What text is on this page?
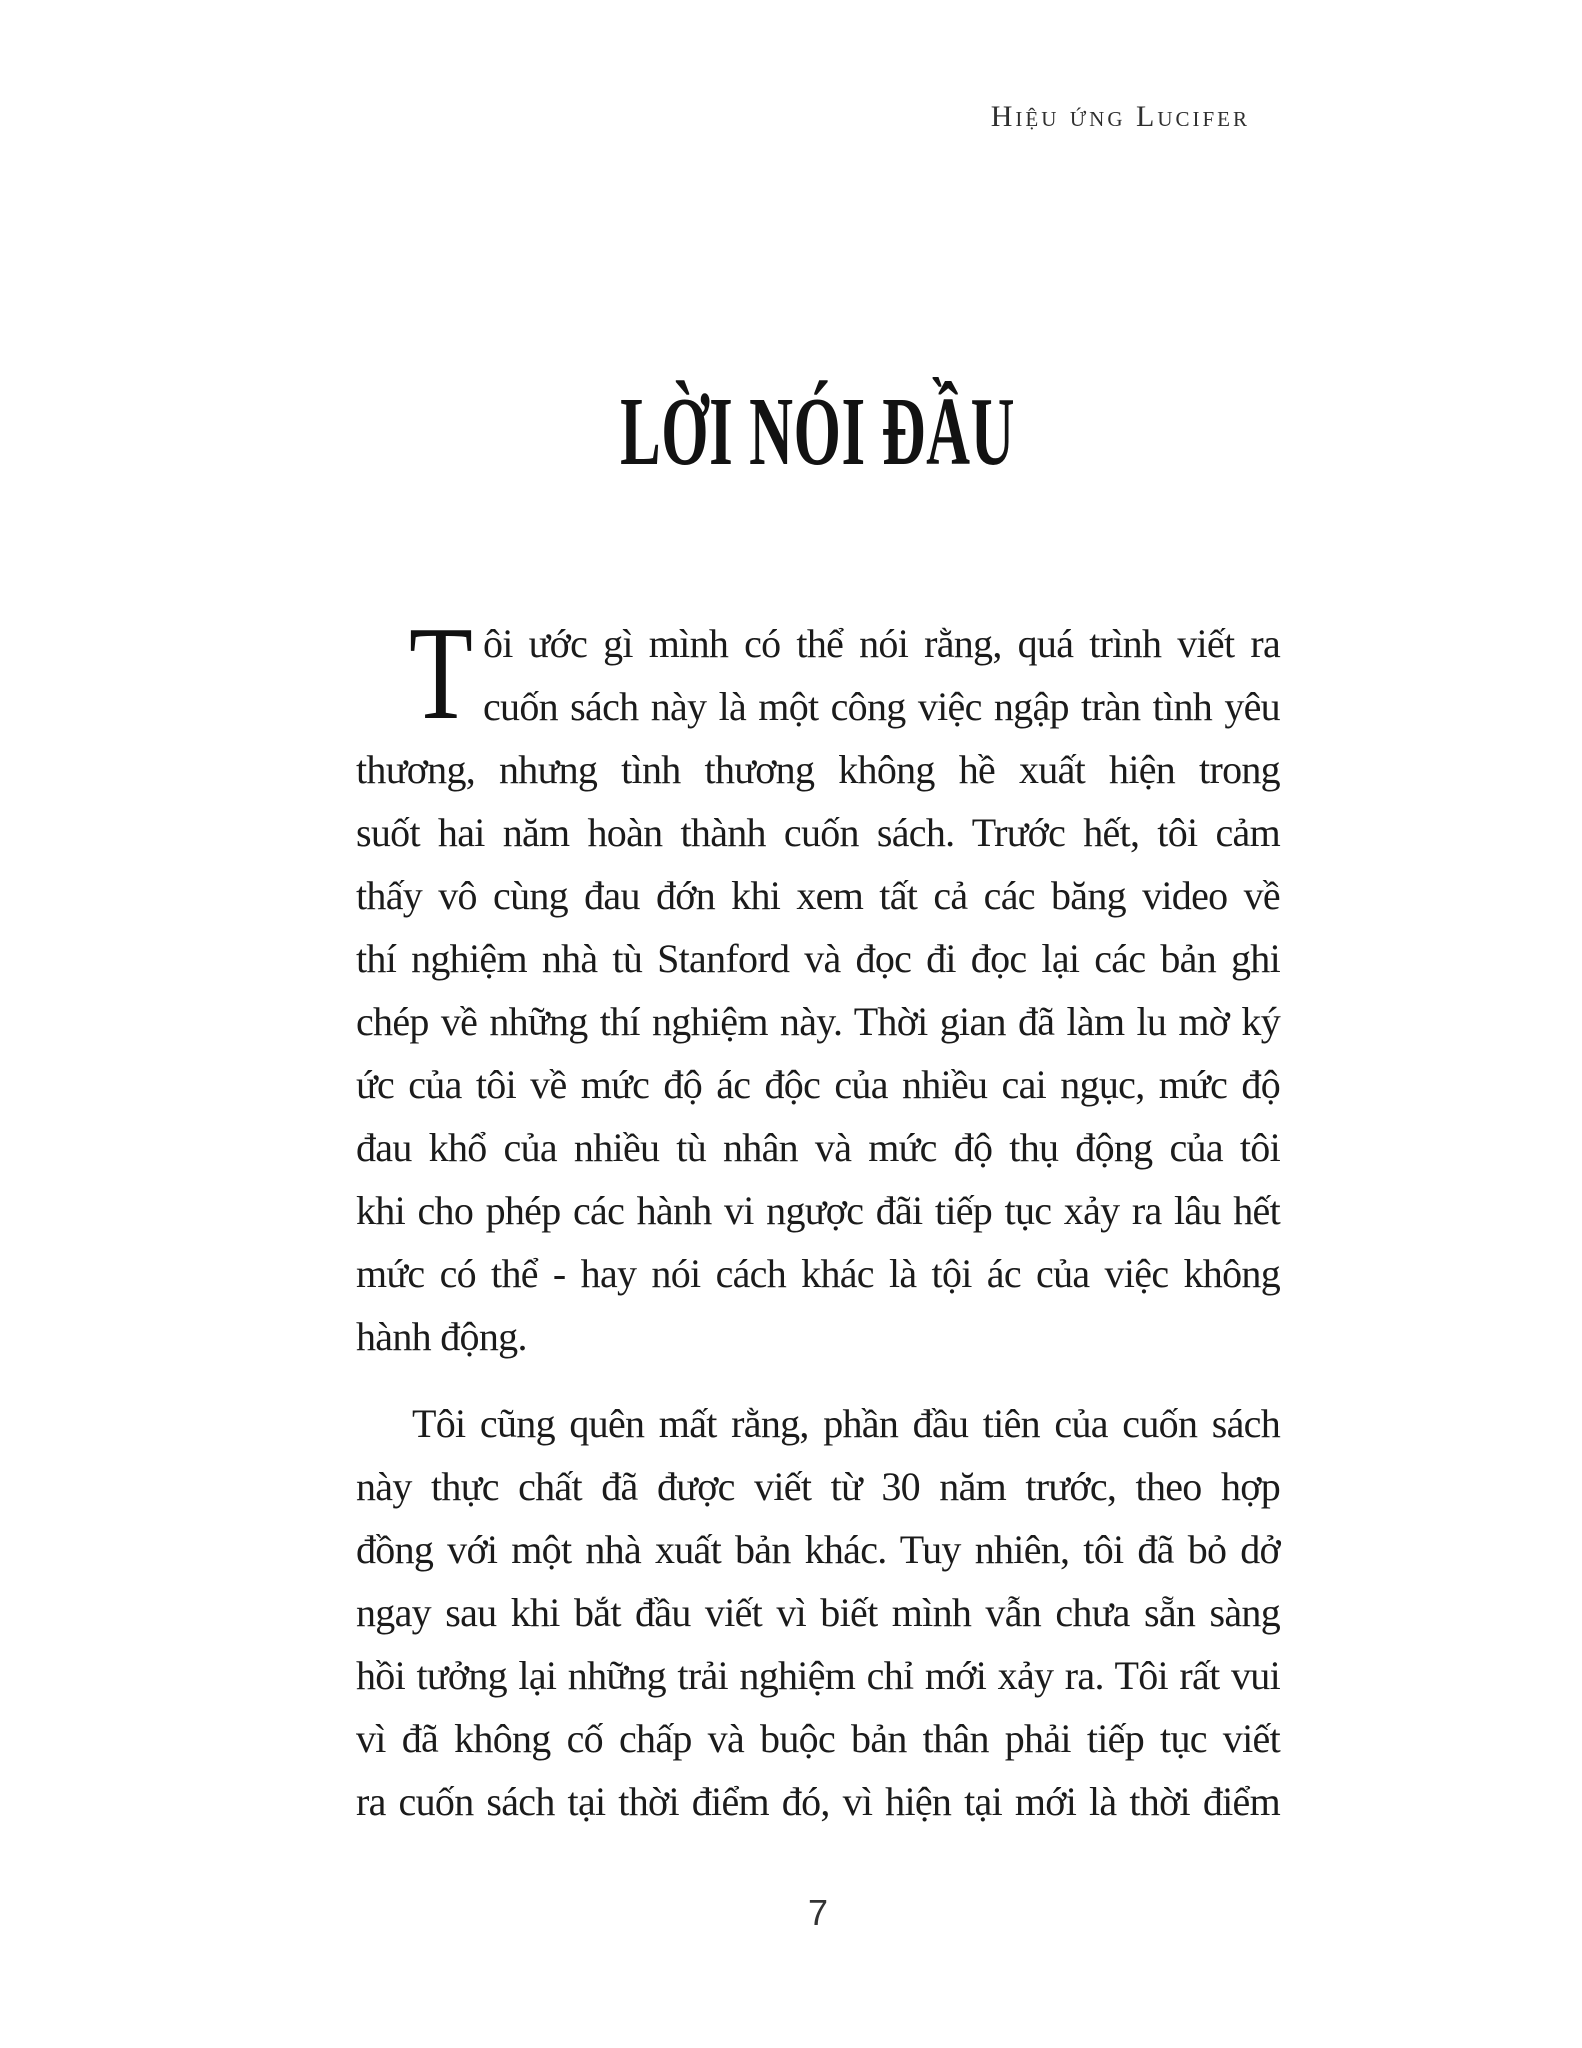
Hiệu ứng Lucifer
LỜI NÓI ĐẦU
T ôi ước gì mình có thể nói rằng, quá trình viết ra
cuốn sách này là một công việc ngập tràn tình yêu
thương, nhưng tình thương không hề xuất hiện trong
suốt hai năm hoàn thành cuốn sách. Trước hết, tôi cảm
thấy vô cùng đau đớn khi xem tất cả các băng video về
thí nghiệm nhà tù Stanford và đọc đi đọc lại các bản ghi
chép về những thí nghiệm này. Thời gian đã làm lu mờ ký
ức của tôi về mức độ ác độc của nhiều cai ngục, mức độ
đau khổ của nhiều tù nhân và mức độ thụ động của tôi
khi cho phép các hành vi ngược đãi tiếp tục xảy ra lâu hết
mức có thể - hay nói cách khác là tội ác của việc không
hành động.
Tôi cũng quên mất rằng, phần đầu tiên của cuốn sách
này thực chất đã được viết từ 30 năm trước, theo hợp
đồng với một nhà xuất bản khác. Tuy nhiên, tôi đã bỏ dở
ngay sau khi bắt đầu viết vì biết mình vẫn chưa sẵn sàng
hồi tưởng lại những trải nghiệm chỉ mới xảy ra. Tôi rất vui
vì đã không cố chấp và buộc bản thân phải tiếp tục viết
ra cuốn sách tại thời điểm đó, vì hiện tại mới là thời điểm
7
